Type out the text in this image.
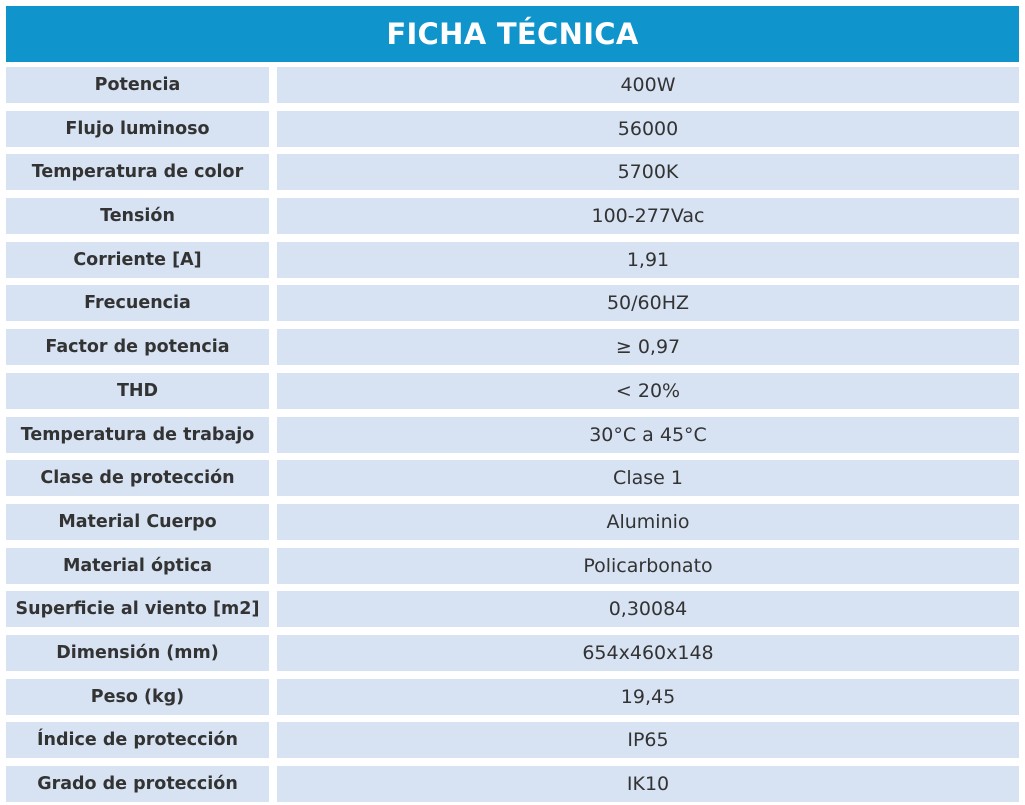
FICHA TÉCNICA
Potencia	400W
Flujo luminoso	56000
Temperatura de color	5700K
Tensión	100-277Vac
Corriente [A]	1,91
Frecuencia	50/60HZ
Factor de potencia	≥ 0,97
THD	< 20%
Temperatura de trabajo	30°C a 45°C
Clase de protección	Clase 1
Material Cuerpo	Aluminio
Material óptica	Policarbonato
Superficie al viento [m2]	0,30084
Dimensión (mm)	654x460x148
Peso (kg)	19,45
Índice de protección	IP65
Grado de protección	IK10
